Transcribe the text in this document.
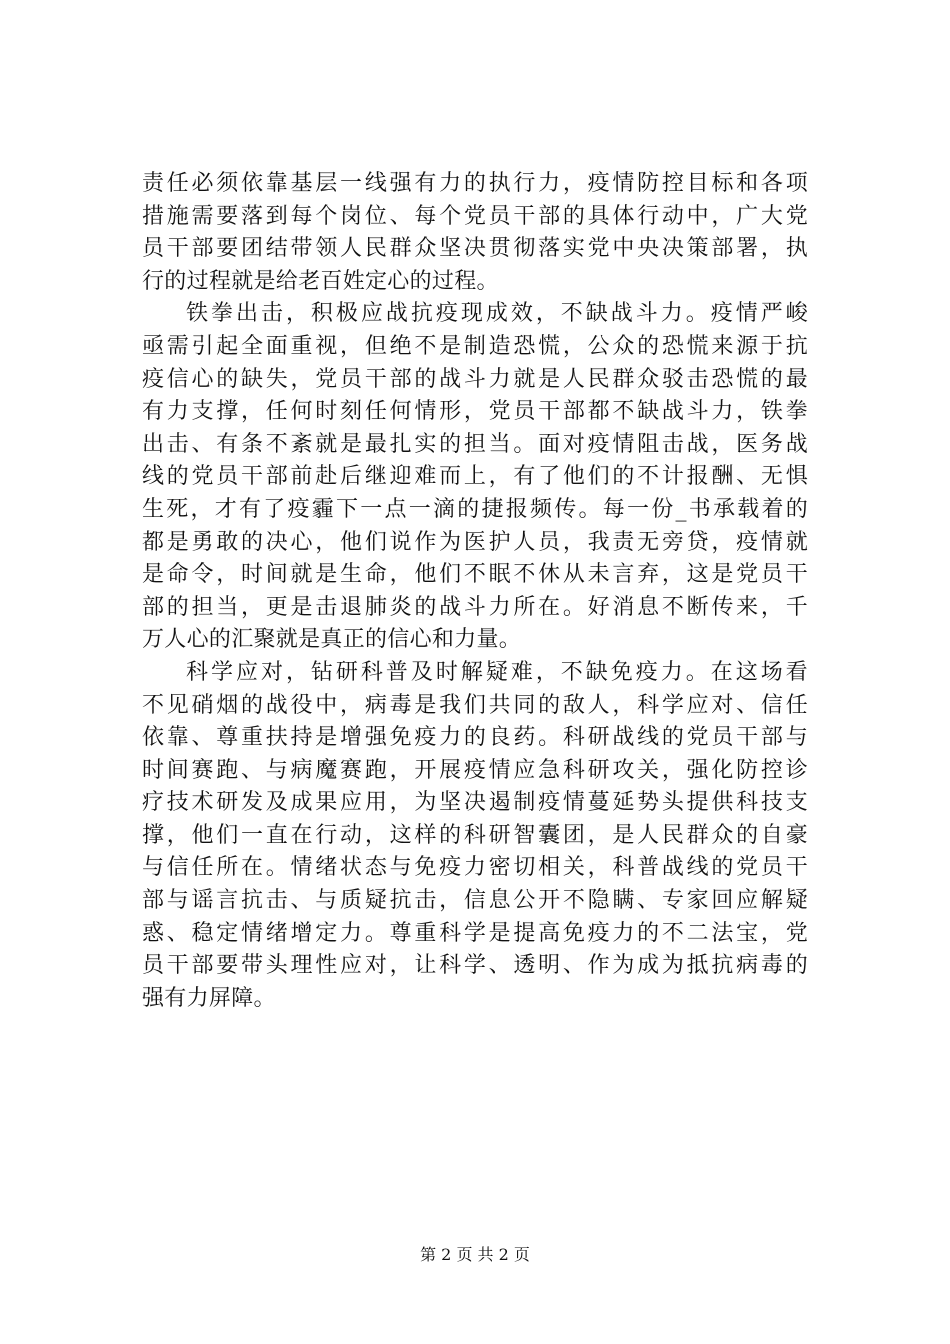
责任必须依靠基层一线强有力的执行力，疫情防控目标和各项
措施需要落到每个岗位、每个党员干部的具体行动中，广大党
员干部要团结带领人民群众坚决贯彻落实党中央决策部署，执
行的过程就是给老百姓定心的过程。
铁拳出击，积极应战抗疫现成效，不缺战斗力。疫情严峻
亟需引起全面重视，但绝不是制造恐慌，公众的恐慌来源于抗
疫信心的缺失，党员干部的战斗力就是人民群众驳击恐慌的最
有力支撑，任何时刻任何情形，党员干部都不缺战斗力，铁拳
出击、有条不紊就是最扎实的担当。面对疫情阻击战，医务战
线的党员干部前赴后继迎难而上，有了他们的不计报酬、无惧
生死，才有了疫霾下一点一滴的捷报频传。每一份_书承载着的
都是勇敢的决心，他们说作为医护人员，我责无旁贷，疫情就
是命令，时间就是生命，他们不眠不休从未言弃，这是党员干
部的担当，更是击退肺炎的战斗力所在。好消息不断传来，千
万人心的汇聚就是真正的信心和力量。
科学应对，钻研科普及时解疑难，不缺免疫力。在这场看
不见硝烟的战役中，病毒是我们共同的敌人，科学应对、信任
依靠、尊重扶持是增强免疫力的良药。科研战线的党员干部与
时间赛跑、与病魔赛跑，开展疫情应急科研攻关，强化防控诊
疗技术研发及成果应用，为坚决遏制疫情蔓延势头提供科技支
撑，他们一直在行动，这样的科研智囊团，是人民群众的自豪
与信任所在。情绪状态与免疫力密切相关，科普战线的党员干
部与谣言抗击、与质疑抗击，信息公开不隐瞒、专家回应解疑
惑、稳定情绪增定力。尊重科学是提高免疫力的不二法宝，党
员干部要带头理性应对，让科学、透明、作为成为抵抗病毒的
强有力屏障。
第 2 页 共 2 页
